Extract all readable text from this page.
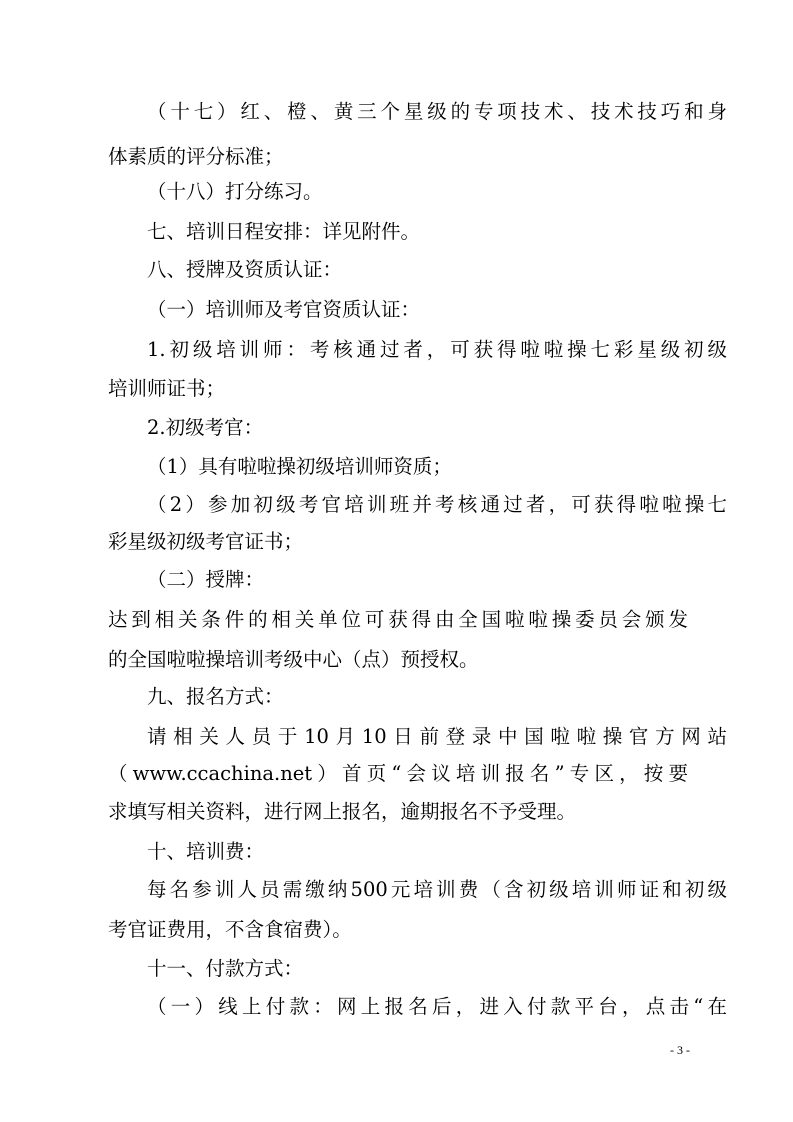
（十七）红、橙、黄三个星级的专项技术、技术技巧和身
体素质的评分标准；
（十八）打分练习。
七、培训日程安排：详见附件。
八、授牌及资质认证：
（一）培训师及考官资质认证：
1.初级培训师：考核通过者，可获得啦啦操七彩星级初级
培训师证书；
2.初级考官：
（1）具有啦啦操初级培训师资质；
（2）参加初级考官培训班并考核通过者，可获得啦啦操七
彩星级初级考官证书；
（二）授牌：
达到相关条件的相关单位可获得由全国啦啦操委员会颁发
的全国啦啦操培训考级中心（点）预授权。
九、报名方式：
请相关人员于10月10日前登录中国啦啦操官方网站
（www.ccachina.net）首页“会议培训报名”专区，按要
求填写相关资料，进行网上报名，逾期报名不予受理。
十、培训费：
每名参训人员需缴纳500元培训费（含初级培训师证和初级
考官证费用，不含食宿费）。
十一、付款方式：
（一）线上付款：网上报名后，进入付款平台，点击“在
- 3 -
